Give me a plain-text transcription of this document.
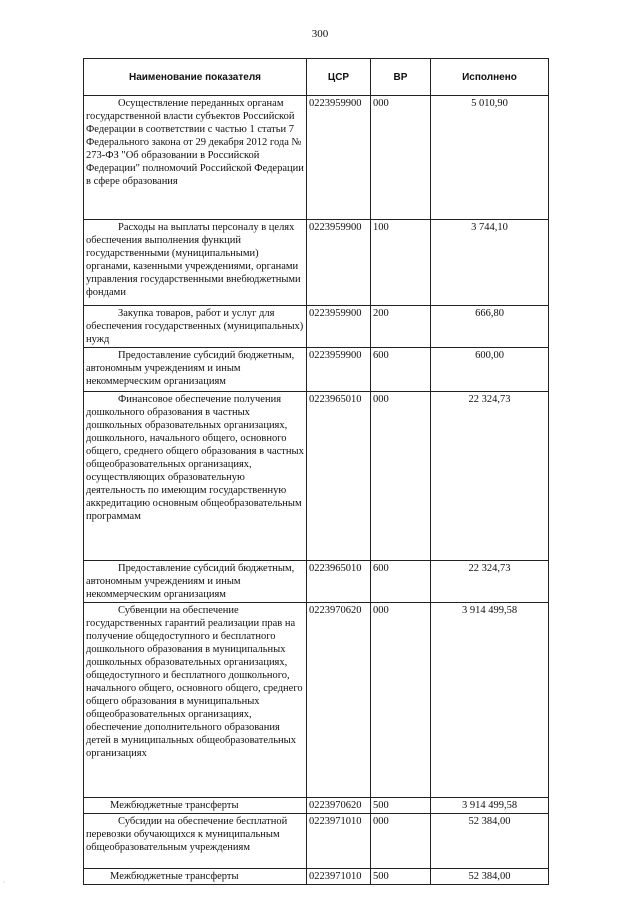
300
Наименование показателя	ЦСР	ВР	Исполнено
Осуществление переданных органам государственной власти субъектов Российской Федерации в соответствии с частью 1 статьи 7 Федерального закона от 29 декабря 2012 года № 273-ФЗ "Об образовании в Российской Федерации" полномочий Российской Федерации в сфере образования	0223959900	000	5 010,90
Расходы на выплаты персоналу в целях обеспечения выполнения функций государственными (муниципальными) органами, казенными учреждениями, органами управления государственными внебюджетными фондами	0223959900	100	3 744,10
Закупка товаров, работ и услуг для обеспечения государственных (муниципальных) нужд	0223959900	200	666,80
Предоставление субсидий бюджетным, автономным учреждениям и иным некоммерческим организациям	0223959900	600	600,00
Финансовое обеспечение получения дошкольного образования в частных дошкольных образовательных организациях, дошкольного, начального общего, основного общего, среднего общего образования в частных общеобразовательных организациях, осуществляющих образовательную деятельность по имеющим государственную аккредитацию основным общеобразовательным программам	0223965010	000	22 324,73
Предоставление субсидий бюджетным, автономным учреждениям и иным некоммерческим организациям	0223965010	600	22 324,73
Субвенции на обеспечение государственных гарантий реализации прав на получение общедоступного и бесплатного дошкольного образования в муниципальных дошкольных образовательных организациях, общедоступного и бесплатного дошкольного, начального общего, основного общего, среднего общего образования в муниципальных общеобразовательных организациях, обеспечение дополнительного образования детей в муниципальных общеобразовательных организациях	0223970620	000	3 914 499,58
Межбюджетные трансферты	0223970620	500	3 914 499,58
Субсидии на обеспечение бесплатной перевозки обучающихся к муниципальным общеобразовательным учреждениям	0223971010	000	52 384,00
Межбюджетные трансферты	0223971010	500	52 384,00
·
·
